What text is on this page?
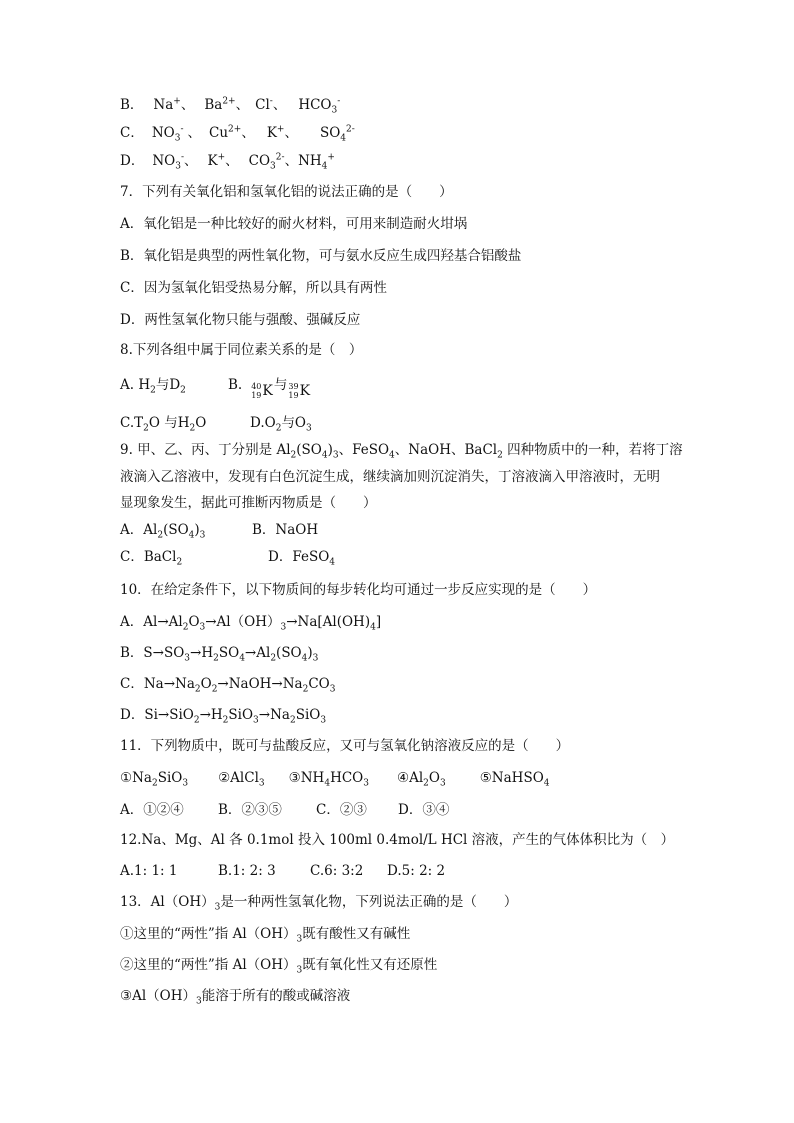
B． Na+、 $Ba^{2+}$、 Cl-、 $HCO_3^-$
C． $NO_3^-$ 、 $Cu^{2+}$、 K+、 $SO_4^{2-}$
D． $NO_3^-$、 K+、 $CO_3^{2-}$、$NH_4^+$
7．下列有关氧化铝和氢氧化铝的说法正确的是（　　）
A．氧化铝是一种比较好的耐火材料，可用来制造耐火坩埚
B．氧化铝是典型的两性氧化物，可与氨水反应生成四羟基合铝酸盐
C．因为氢氧化铝受热易分解，所以具有两性
D．两性氢氧化物只能与强酸、强碱反应
8.下列各组中属于同位素关系的是（　）
A. $H_2$与$D_2$	B. 40
19 K 与 39
19 K
$C.T_2O$ 与$H_2O$	$D.O_2$与$O_3$
9. 甲、乙、丙、丁分别是 $Al_2(SO_4)_3$、FeSO$_4$、NaOH、BaCl$_2$ 四种物质中的一种，若将丁溶
液滴入乙溶液中，发现有白色沉淀生成，继续滴加则沉淀消失，丁溶液滴入甲溶液时，无明
显现象发生，据此可推断丙物质是（　　）
A．$Al_2(SO_4)_3$	B．NaOH
C．BaCl$_2$	D．FeSO$_4$
10．在给定条件下，以下物质间的每步转化均可通过一步反应实现的是（　　）
A．$Al\to Al_2O_3\to Al(OH)_3\to Na[Al(OH)_4]$
B．$S\to SO_3\to H_2SO_4\to Al_2(SO_4)_3$
C．$Na\to Na_2O_2\to NaOH\to Na_2CO_3$
D．$Si\to SiO_2\to H_2SiO_3\to Na_2SiO_3$
11．下列物质中，既可与盐酸反应，又可与氢氧化钠溶液反应的是（　　）
$①Na_2SiO_3$ ②AlCl$_3$ $③NH_4HCO_3$ $④Al_2O_3$	⑤NaHSO$_4$
A．①②④	B．②③⑤	C．②③ D．③④
12.Na、Mg、Al 各 0.1mol 投入 100ml 0.4mol/L HCl 溶液，产生的气体体积比为（　）
A.1: 1: 1	B.1: 2: 3	C.6: 3:2 D.5: 2: 2
13．$Al(OH)_3$是一种两性氢氧化物，下列说法正确的是（　　）
①这里的“两性”指 $Al(OH)_3$既有酸性又有碱性
②这里的“两性”指 $Al(OH)_3$既有氧化性又有还原性
$③Al(OH)_3$能溶于所有的酸或碱溶液
